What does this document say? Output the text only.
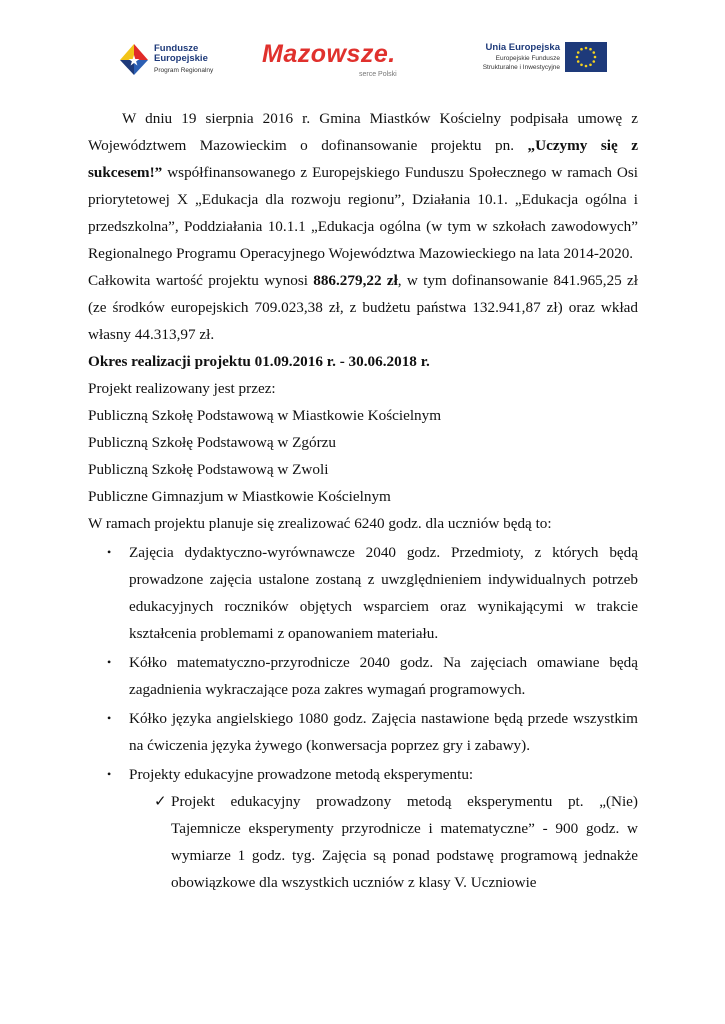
Fundusze
Europejskie
Program Regionalny
Mazowsze.
serce Polski
Unia Europejska
Europejskie Fundusze
Strukturalne i Inwestycyjne

W dniu 19 sierpnia 2016 r. Gmina Miastków Kościelny podpisała umowę z Województwem Mazowieckim o dofinansowanie projektu pn. „Uczymy się z sukcesem!” współfinansowanego z Europejskiego Funduszu Społecznego w ramach Osi priorytetowej X „Edukacja dla rozwoju regionu”, Działania 10.1. „Edukacja ogólna i przedszkolna”, Poddziałania 10.1.1 „Edukacja ogólna (w tym w szkołach zawodowych” Regionalnego Programu Operacyjnego Województwa Mazowieckiego na lata 2014-2020.

Całkowita wartość projektu wynosi 886.279,22 zł, w tym dofinansowanie 841.965,25 zł (ze środków europejskich 709.023,38 zł, z budżetu państwa 132.941,87 zł) oraz wkład własny 44.313,97 zł.

Okres realizacji projektu 01.09.2016 r. - 30.06.2018 r.

Projekt realizowany jest przez:

Publiczną Szkołę Podstawową w Miastkowie Kościelnym

Publiczną Szkołę Podstawową w Zgórzu

Publiczną Szkołę Podstawową w Zwoli

Publiczne Gimnazjum w Miastkowie Kościelnym

W ramach projektu planuje się zrealizować 6240 godz. dla uczniów będą to:

• Zajęcia dydaktyczno-wyrównawcze 2040 godz. Przedmioty, z których będą prowadzone zajęcia ustalone zostaną z uwzględnieniem indywidualnych potrzeb edukacyjnych roczników objętych wsparciem oraz wynikającymi w trakcie kształcenia problemami z opanowaniem materiału.
• Kółko matematyczno-przyrodnicze 2040 godz. Na zajęciach omawiane będą zagadnienia wykraczające poza zakres wymagań programowych.
• Kółko języka angielskiego 1080 godz. Zajęcia nastawione będą przede wszystkim na ćwiczenia języka żywego (konwersacja poprzez gry i zabawy).
• Projekty edukacyjne prowadzone metodą eksperymentu:
✓ Projekt edukacyjny prowadzony metodą eksperymentu pt. „(Nie) Tajemnicze eksperymenty przyrodnicze i matematyczne” - 900 godz. w wymiarze 1 godz. tyg. Zajęcia są ponad podstawę programową jednakże obowiązkowe dla wszystkich uczniów z klasy V. Uczniowie
